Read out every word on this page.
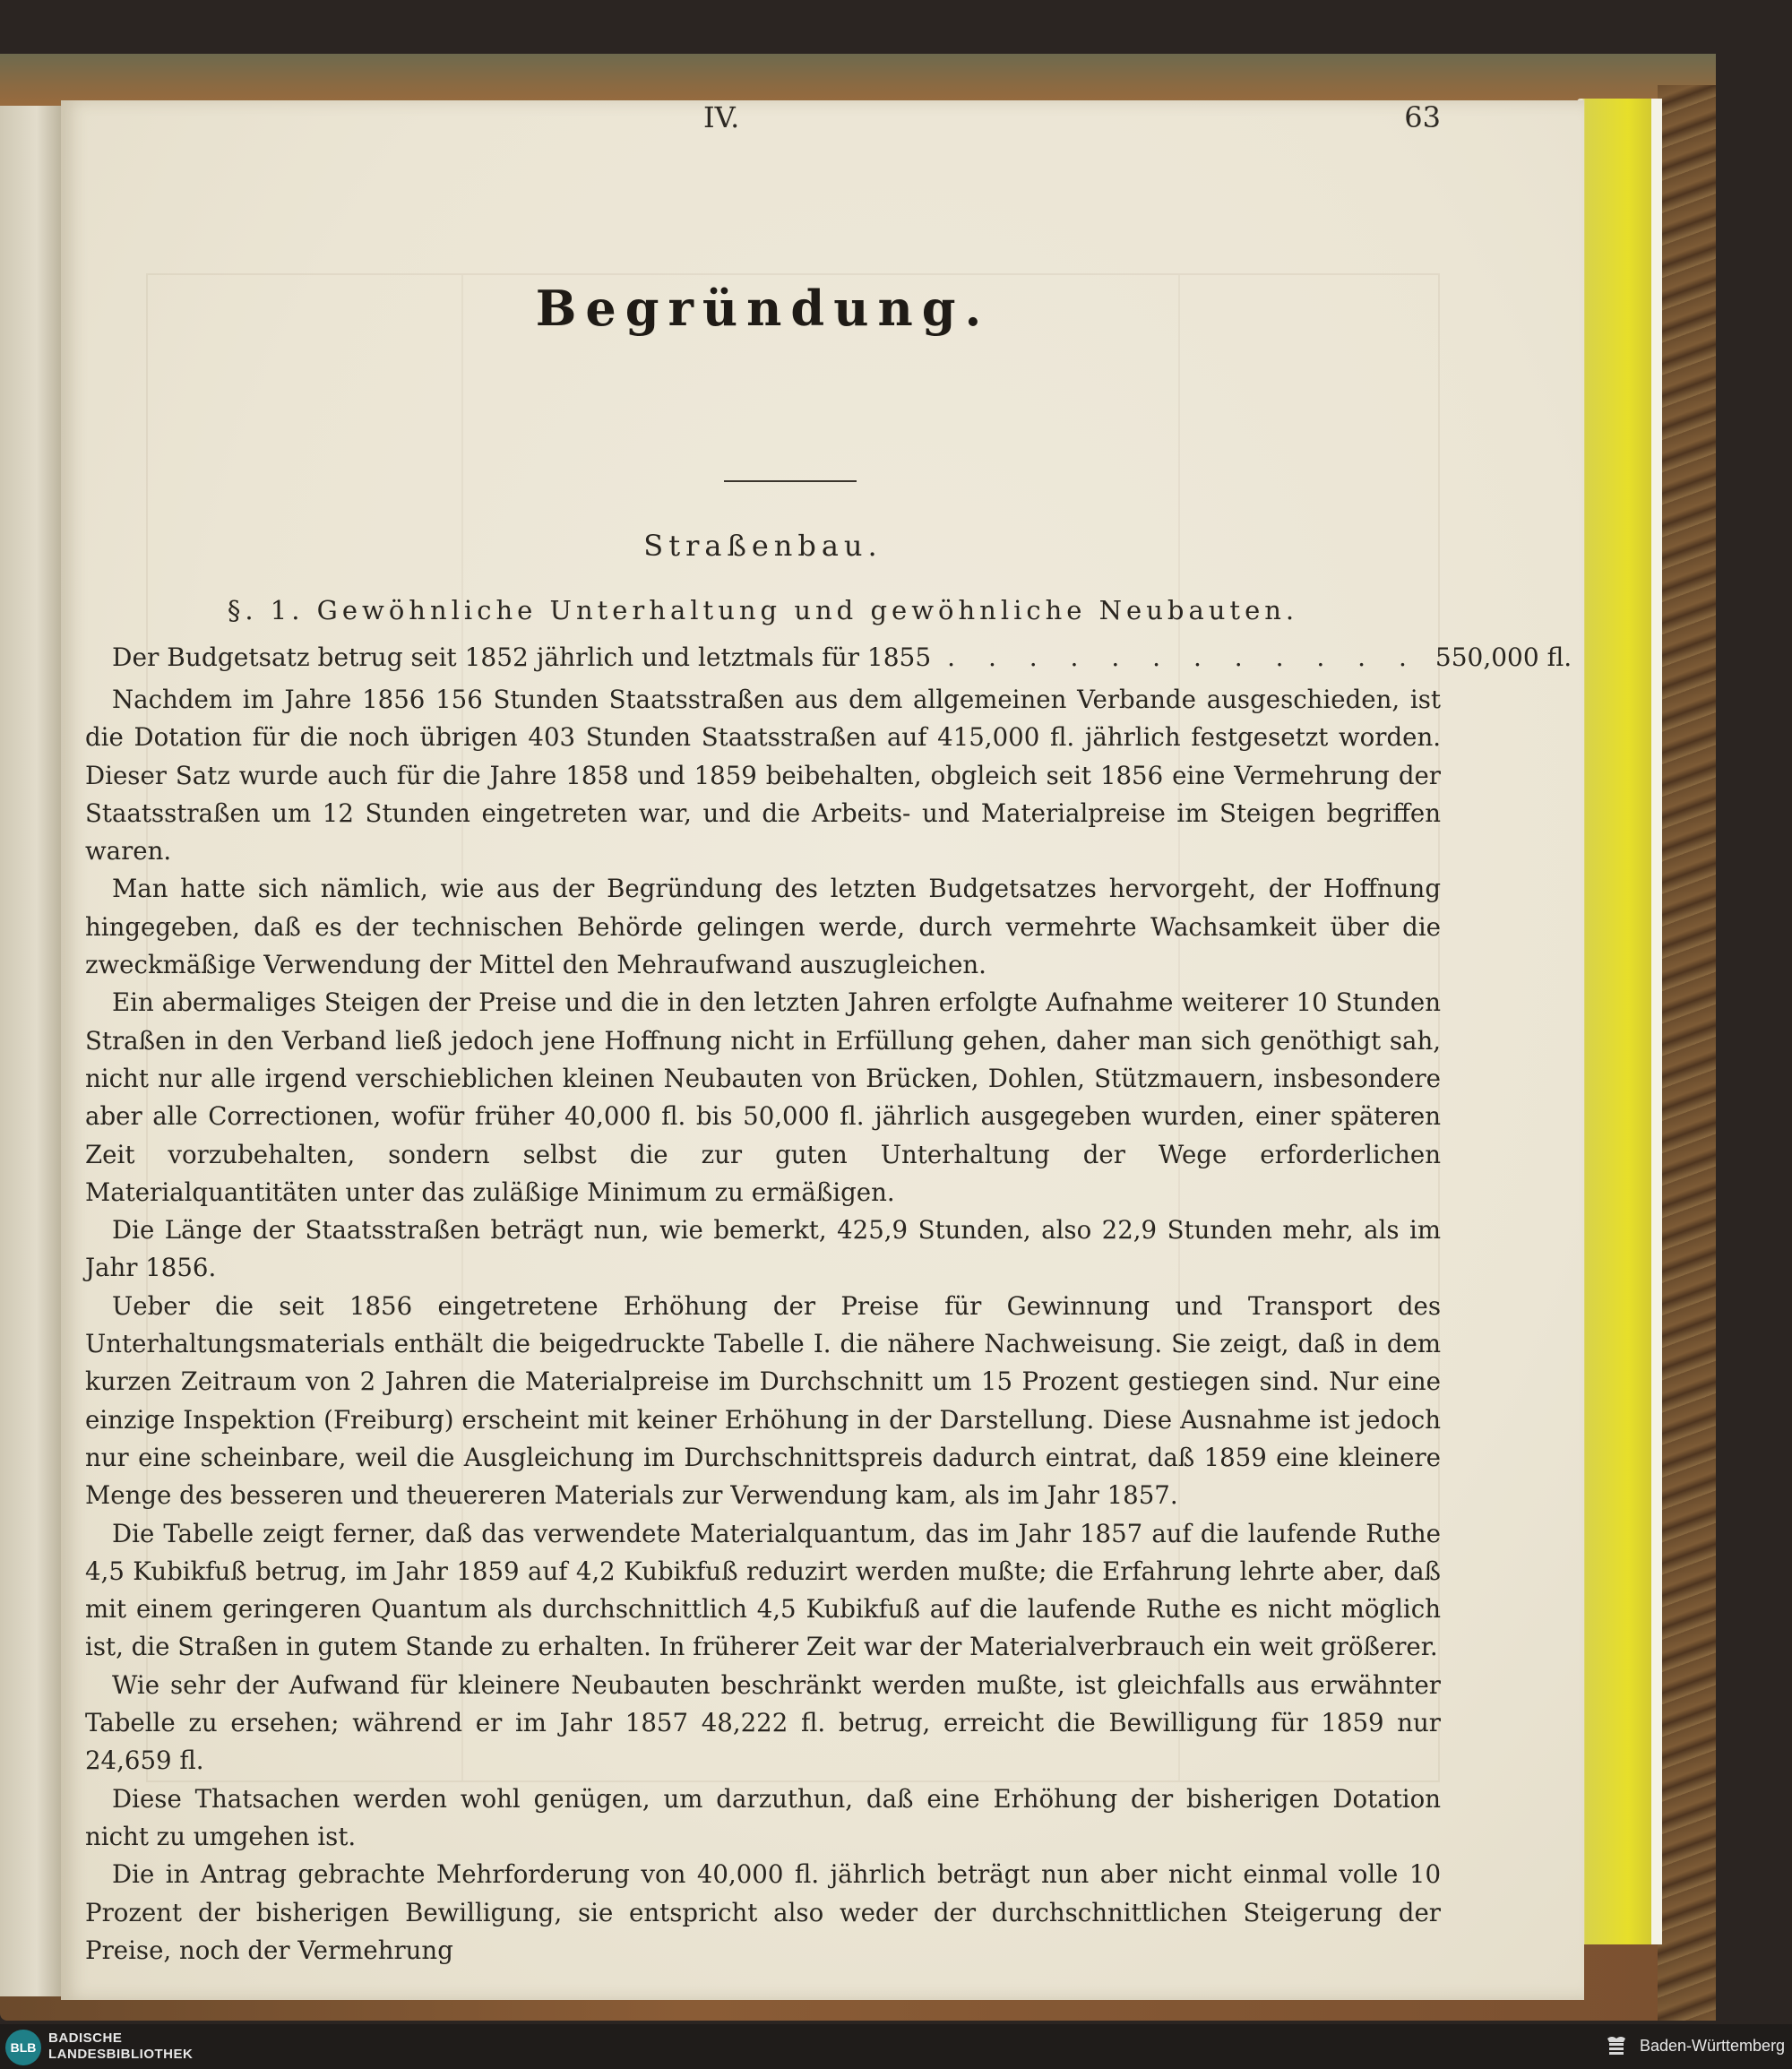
IV.	63
Begründung.
Straßenbau.
§. 1. Gewöhnliche Unterhaltung und gewöhnliche Neubauten.
Der Budgetsatz betrug seit 1852 jährlich und letztmals für 1855 . . . . . . . . . . . . 550,000 fl.

Nachdem im Jahre 1856 156 Stunden Staatsstraßen aus dem allgemeinen Verbande ausgeschieden, ist die Dotation für die noch übrigen 403 Stunden Staatsstraßen auf 415,000 fl. jährlich festgesetzt worden. Dieser Satz wurde auch für die Jahre 1858 und 1859 beibehalten, obgleich seit 1856 eine Vermehrung der Staatsstraßen um 12 Stunden eingetreten war, und die Arbeits- und Materialpreise im Steigen begriffen waren.

Man hatte sich nämlich, wie aus der Begründung des letzten Budgetsatzes hervorgeht, der Hoffnung hingegeben, daß es der technischen Behörde gelingen werde, durch vermehrte Wachsamkeit über die zweckmäßige Verwendung der Mittel den Mehraufwand auszugleichen.

Ein abermaliges Steigen der Preise und die in den letzten Jahren erfolgte Aufnahme weiterer 10 Stunden Straßen in den Verband ließ jedoch jene Hoffnung nicht in Erfüllung gehen, daher man sich genöthigt sah, nicht nur alle irgend verschieblichen kleinen Neubauten von Brücken, Dohlen, Stützmauern, insbesondere aber alle Correctionen, wofür früher 40,000 fl. bis 50,000 fl. jährlich ausgegeben wurden, einer späteren Zeit vorzubehalten, sondern selbst die zur guten Unterhaltung der Wege erforderlichen Materialquantitäten unter das zuläßige Minimum zu ermäßigen.

Die Länge der Staatsstraßen beträgt nun, wie bemerkt, 425,9 Stunden, also 22,9 Stunden mehr, als im Jahr 1856.

Ueber die seit 1856 eingetretene Erhöhung der Preise für Gewinnung und Transport des Unterhaltungsmaterials enthält die beigedruckte Tabelle I. die nähere Nachweisung. Sie zeigt, daß in dem kurzen Zeitraum von 2 Jahren die Materialpreise im Durchschnitt um 15 Prozent gestiegen sind. Nur eine einzige Inspektion (Freiburg) erscheint mit keiner Erhöhung in der Darstellung. Diese Ausnahme ist jedoch nur eine scheinbare, weil die Ausgleichung im Durchschnittspreis dadurch eintrat, daß 1859 eine kleinere Menge des besseren und theuereren Materials zur Verwendung kam, als im Jahr 1857.

Die Tabelle zeigt ferner, daß das verwendete Materialquantum, das im Jahr 1857 auf die laufende Ruthe 4,5 Kubikfuß betrug, im Jahr 1859 auf 4,2 Kubikfuß reduzirt werden mußte; die Erfahrung lehrte aber, daß mit einem geringeren Quantum als durchschnittlich 4,5 Kubikfuß auf die laufende Ruthe es nicht möglich ist, die Straßen in gutem Stande zu erhalten. In früherer Zeit war der Materialverbrauch ein weit größerer.

Wie sehr der Aufwand für kleinere Neubauten beschränkt werden mußte, ist gleichfalls aus erwähnter Tabelle zu ersehen; während er im Jahr 1857 48,222 fl. betrug, erreicht die Bewilligung für 1859 nur 24,659 fl.

Diese Thatsachen werden wohl genügen, um darzuthun, daß eine Erhöhung der bisherigen Dotation nicht zu umgehen ist.

Die in Antrag gebrachte Mehrforderung von 40,000 fl. jährlich beträgt nun aber nicht einmal volle 10 Prozent der bisherigen Bewilligung, sie entspricht also weder der durchschnittlichen Steigerung der Preise, noch der Vermehrung

BLB
BADISCHE
LANDESBIBLIOTHEK	Baden-Württemberg
